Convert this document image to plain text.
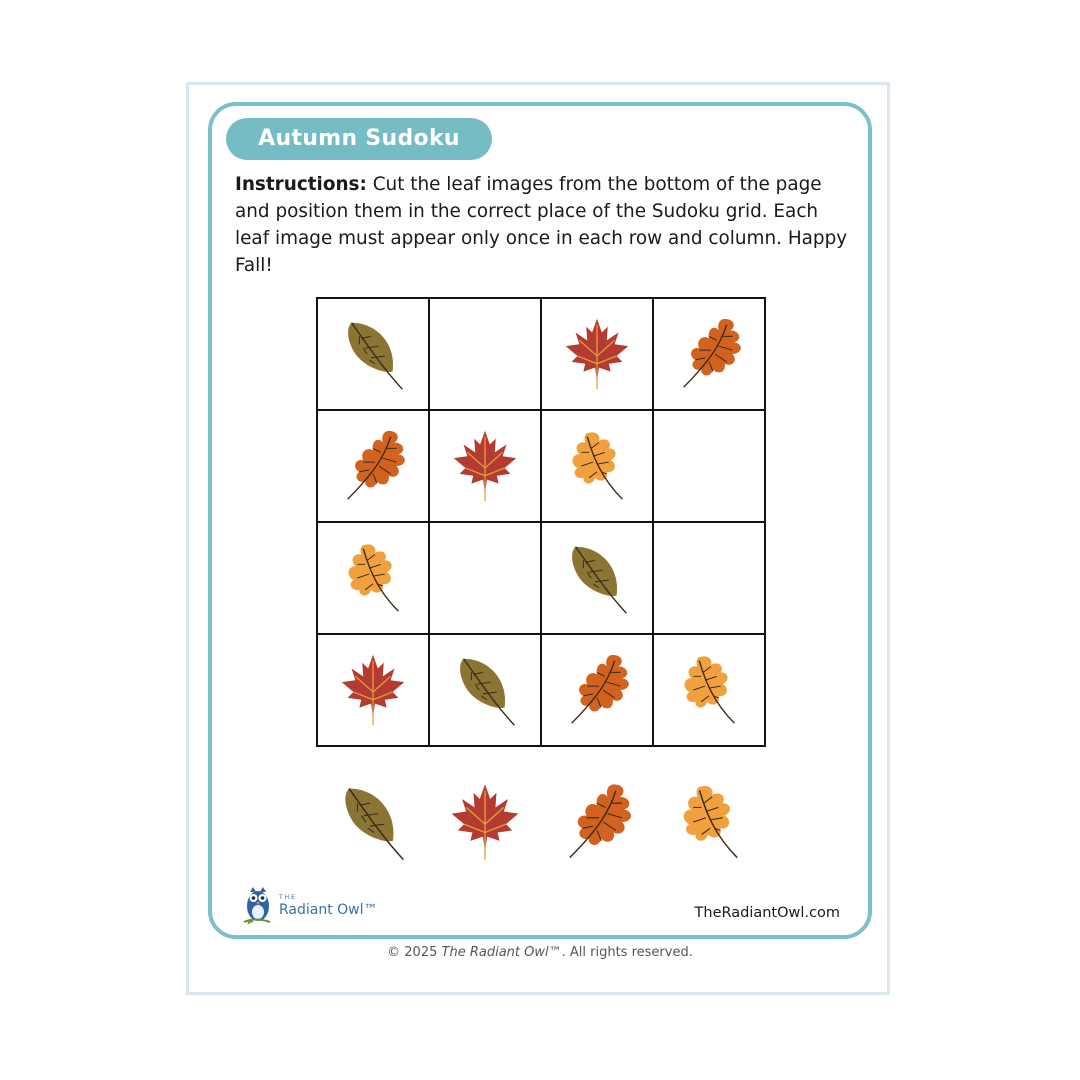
Autumn Sudoku
Instructions: Cut the leaf images from the bottom of the page and position them in the correct place of the Sudoku grid. Each leaf image must appear only once in each row and column. Happy Fall!
THE
Radiant Owl™	TheRadiantOwl.com
© 2025 The Radiant Owl™. All rights reserved.
